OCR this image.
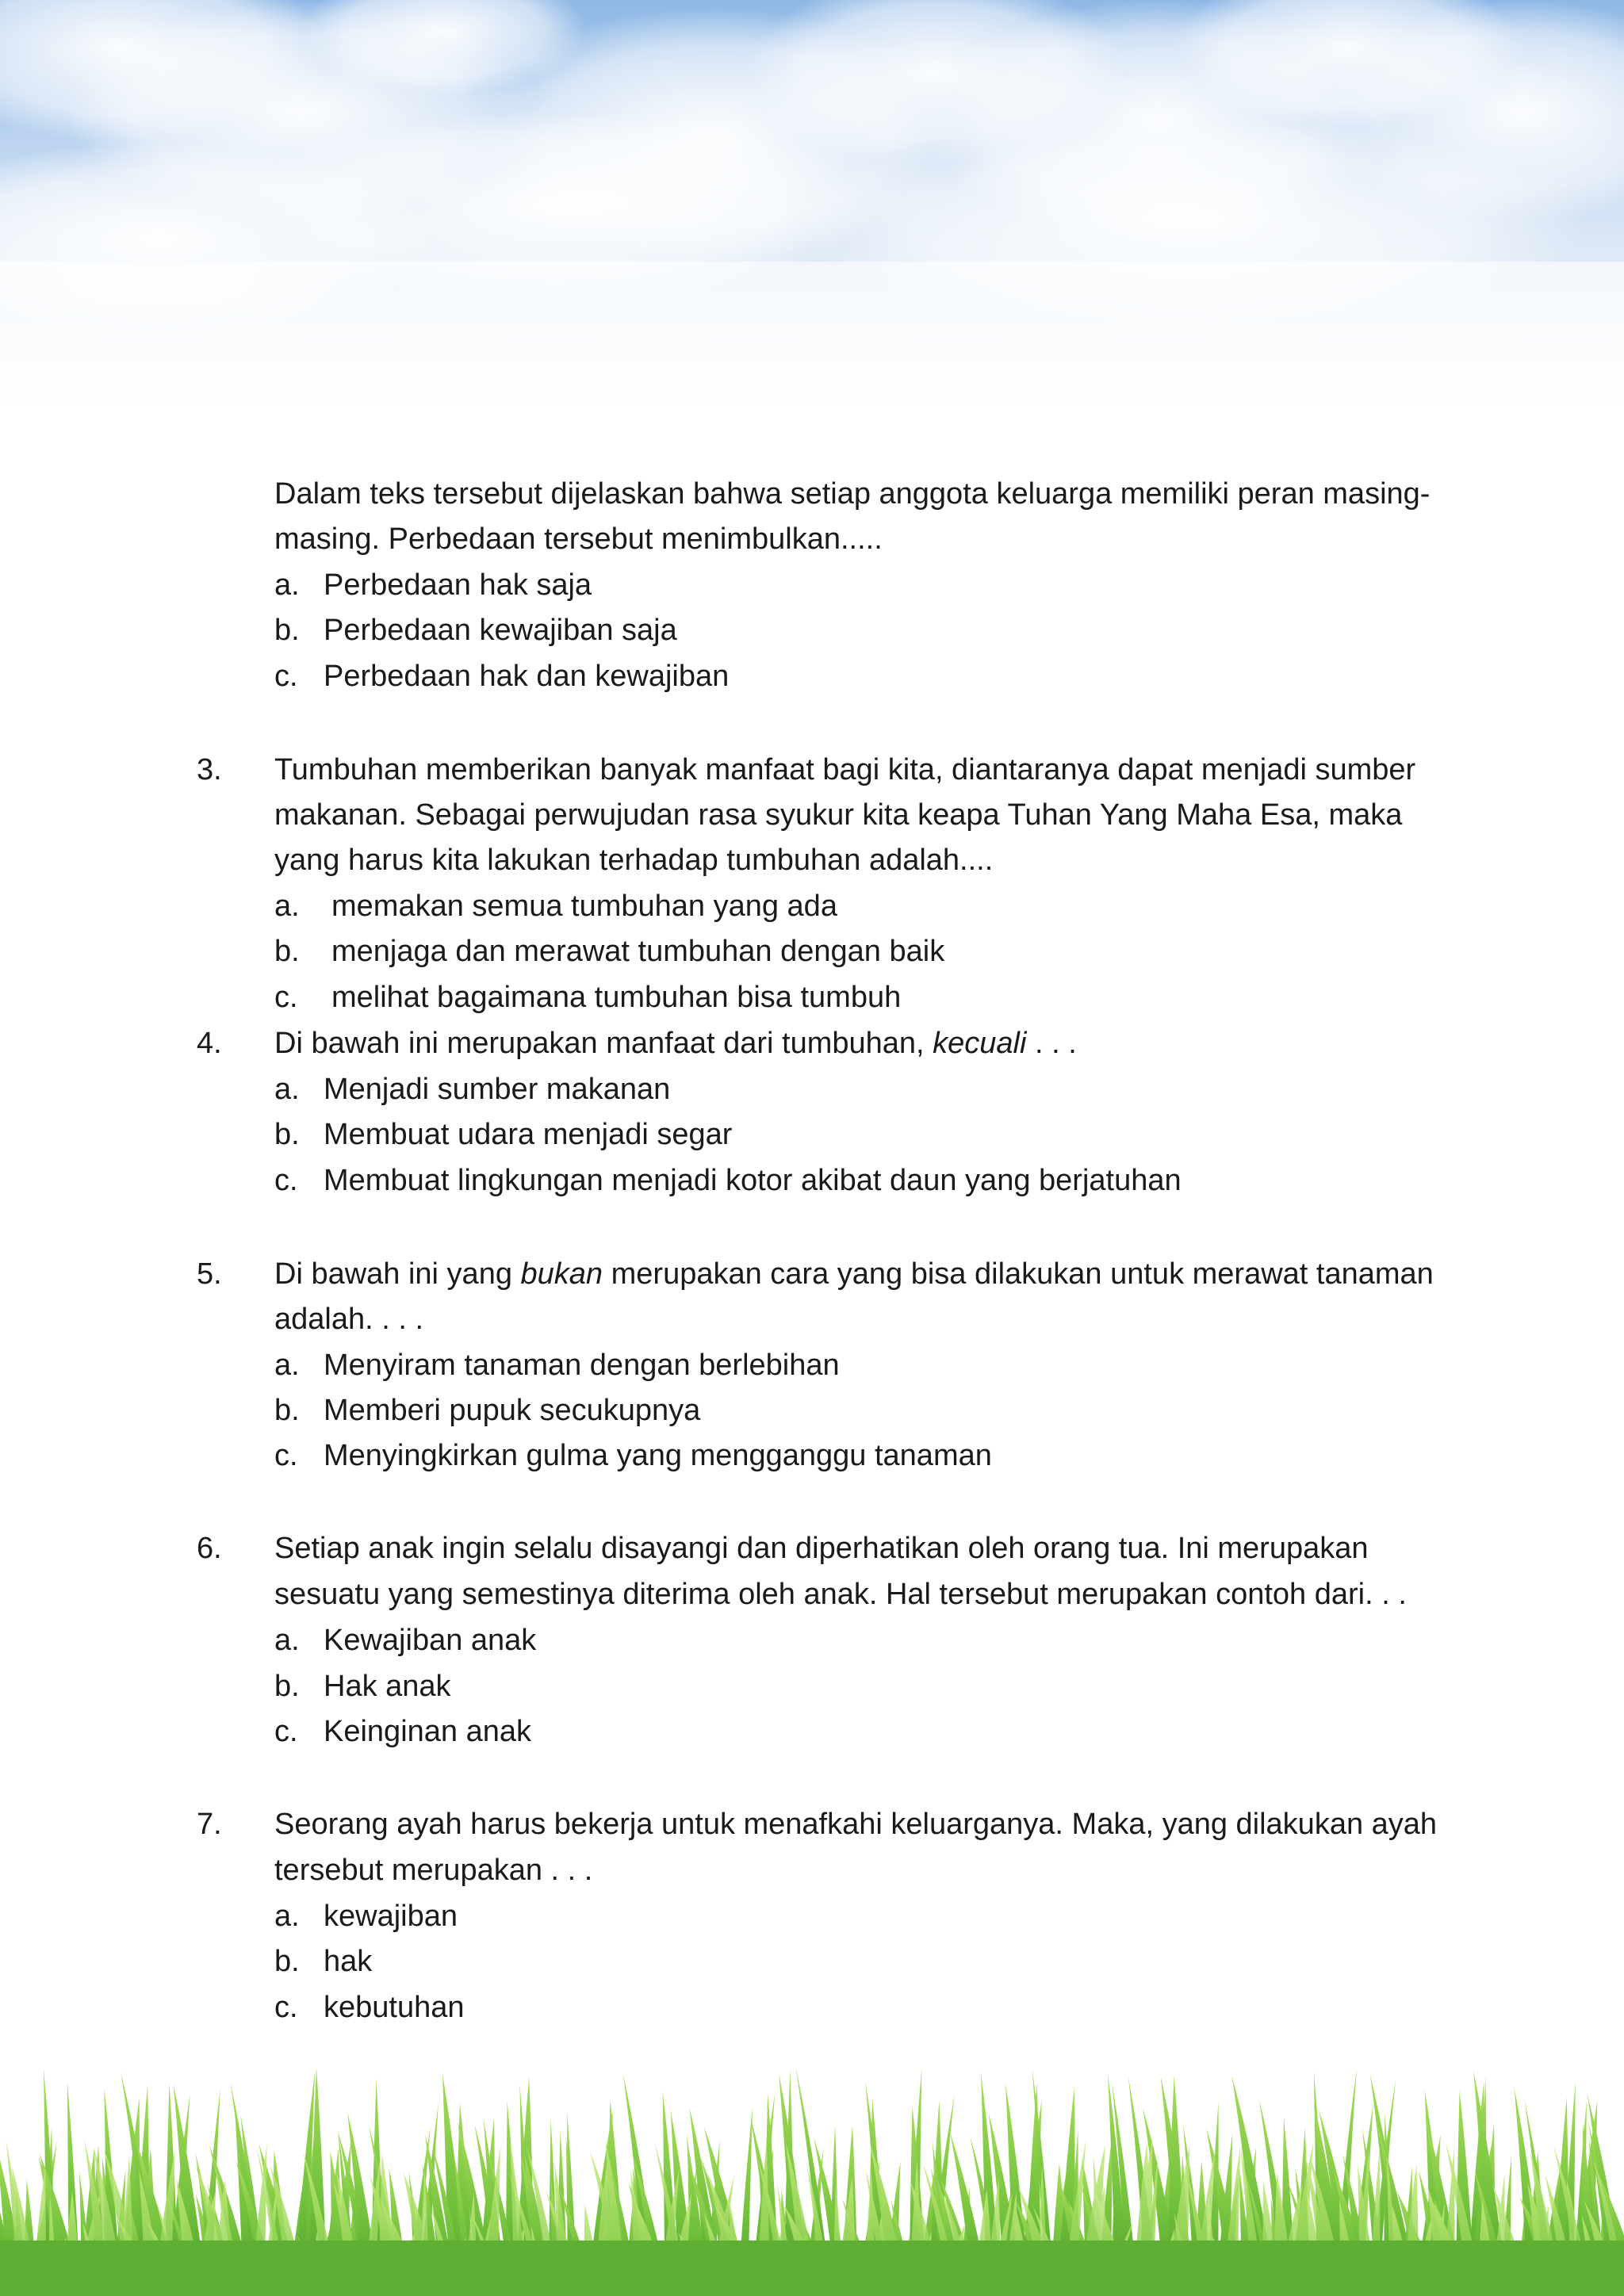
Dalam teks tersebut dijelaskan bahwa setiap anggota keluarga memiliki peran masing-
masing. Perbedaan tersebut menimbulkan.....
a. Perbedaan hak saja
b. Perbedaan kewajiban saja
c. Perbedaan hak dan kewajiban
3. Tumbuhan memberikan banyak manfaat bagi kita, diantaranya dapat menjadi sumber
makanan. Sebagai perwujudan rasa syukur kita keapa Tuhan Yang Maha Esa, maka
yang harus kita lakukan terhadap tumbuhan adalah....
a. memakan semua tumbuhan yang ada
b. menjaga dan merawat tumbuhan dengan baik
c. melihat bagaimana tumbuhan bisa tumbuh
4. Di bawah ini merupakan manfaat dari tumbuhan, kecuali . . .
a. Menjadi sumber makanan
b. Membuat udara menjadi segar
c. Membuat lingkungan menjadi kotor akibat daun yang berjatuhan
5. Di bawah ini yang bukan merupakan cara yang bisa dilakukan untuk merawat tanaman
adalah. . . .
a. Menyiram tanaman dengan berlebihan
b. Memberi pupuk secukupnya
c. Menyingkirkan gulma yang mengganggu tanaman
6. Setiap anak ingin selalu disayangi dan diperhatikan oleh orang tua. Ini merupakan
sesuatu yang semestinya diterima oleh anak. Hal tersebut merupakan contoh dari. . .
a. Kewajiban anak
b. Hak anak
c. Keinginan anak
7. Seorang ayah harus bekerja untuk menafkahi keluarganya. Maka, yang dilakukan ayah
tersebut merupakan . . .
a. kewajiban
b. hak
c. kebutuhan
